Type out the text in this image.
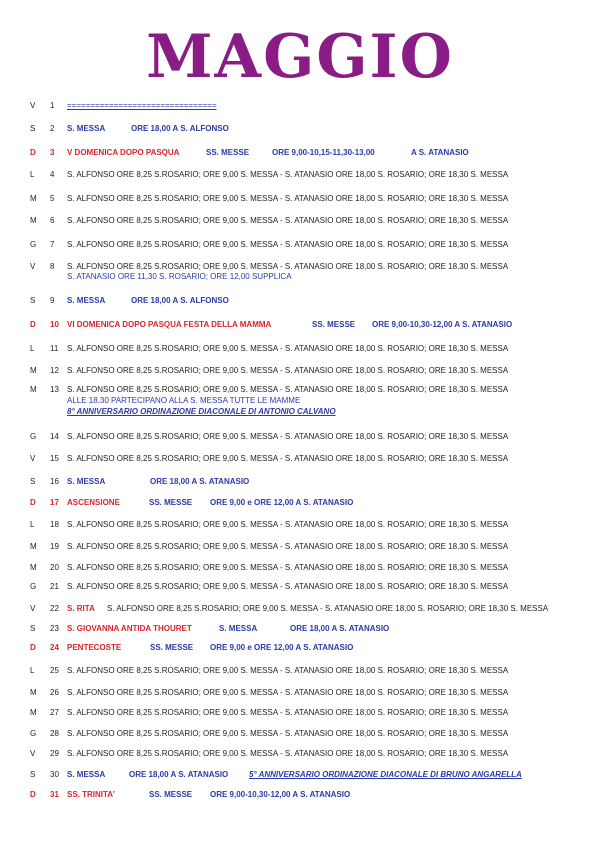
MAGGIO
V 1 ================================
S 2 S. MESSA	ORE 18,00 A S. ALFONSO
D 3 V DOMENICA DOPO PASQUA	SS. MESSE	ORE 9,00-10,15-11,30-13,00	A S. ATANASIO
L 4 S. ALFONSO ORE 8,25 S.ROSARIO; ORE 9,00 S. MESSA - S. ATANASIO ORE 18,00 S. ROSARIO; ORE 18,30 S. MESSA
M 5 S. ALFONSO ORE 8,25 S.ROSARIO; ORE 9,00 S. MESSA - S. ATANASIO ORE 18,00 S. ROSARIO; ORE 18,30 S. MESSA
M 6 S. ALFONSO ORE 8,25 S.ROSARIO; ORE 9,00 S. MESSA - S. ATANASIO ORE 18,00 S. ROSARIO; ORE 18,30 S. MESSA
G 7 S. ALFONSO ORE 8,25 S.ROSARIO; ORE 9,00 S. MESSA - S. ATANASIO ORE 18,00 S. ROSARIO; ORE 18,30 S. MESSA
V 8 S. ALFONSO ORE 8,25 S.ROSARIO; ORE 9,00 S. MESSA - S. ATANASIO ORE 18,00 S. ROSARIO; ORE 18,30 S. MESSA
S. ATANASIO ORE 11,30 S. ROSARIO; ORE 12,00 SUPPLICA
S 9 S. MESSA	ORE 18,00 A S. ALFONSO
D 10 VI DOMENICA DOPO PASQUA FESTA DELLA MAMMA	SS. MESSE ORE 9,00-10,30-12,00 A S. ATANASIO
L 11 S. ALFONSO ORE 8,25 S.ROSARIO; ORE 9,00 S. MESSA - S. ATANASIO ORE 18,00 S. ROSARIO; ORE 18,30 S. MESSA
M 12 S. ALFONSO ORE 8,25 S.ROSARIO; ORE 9,00 S. MESSA - S. ATANASIO ORE 18,00 S. ROSARIO; ORE 18,30 S. MESSA
M 13 S. ALFONSO ORE 8,25 S.ROSARIO; ORE 9,00 S. MESSA - S. ATANASIO ORE 18,00 S. ROSARIO; ORE 18,30 S. MESSA
ALLE 18,30 PARTECIPANO ALLA S. MESSA TUTTE LE MAMME
8° ANNIVERSARIO ORDINAZIONE DIACONALE DI ANTONIO CALVANO
G 14 S. ALFONSO ORE 8,25 S.ROSARIO; ORE 9,00 S. MESSA - S. ATANASIO ORE 18,00 S. ROSARIO; ORE 18,30 S. MESSA
V 15 S. ALFONSO ORE 8,25 S.ROSARIO; ORE 9,00 S. MESSA - S. ATANASIO ORE 18,00 S. ROSARIO; ORE 18,30 S. MESSA
S 16 S. MESSA	ORE 18,00 A S. ATANASIO
D 17 ASCENSIONE	SS. MESSE ORE 9,00 e ORE 12,00 A S. ATANASIO
L 18 S. ALFONSO ORE 8,25 S.ROSARIO; ORE 9,00 S. MESSA - S. ATANASIO ORE 18,00 S. ROSARIO; ORE 18,30 S. MESSA
M 19 S. ALFONSO ORE 8,25 S.ROSARIO; ORE 9,00 S. MESSA - S. ATANASIO ORE 18,00 S. ROSARIO; ORE 18,30 S. MESSA
M 20 S. ALFONSO ORE 8,25 S.ROSARIO; ORE 9,00 S. MESSA - S. ATANASIO ORE 18,00 S. ROSARIO; ORE 18,30 S. MESSA
G 21 S. ALFONSO ORE 8,25 S.ROSARIO; ORE 9,00 S. MESSA - S. ATANASIO ORE 18,00 S. ROSARIO; ORE 18,30 S. MESSA
V 22 S. RITA S. ALFONSO ORE 8,25 S.ROSARIO; ORE 9,00 S. MESSA - S. ATANASIO ORE 18,00 S. ROSARIO; ORE 18,30 S. MESSA
S 23 S. GIOVANNA ANTIDA THOURET	S. MESSA	ORE 18,00 A S. ATANASIO
D 24 PENTECOSTE	SS. MESSE ORE 9,00 e ORE 12,00 A S. ATANASIO
L 25 S. ALFONSO ORE 8,25 S.ROSARIO; ORE 9,00 S. MESSA - S. ATANASIO ORE 18,00 S. ROSARIO; ORE 18,30 S. MESSA
M 26 S. ALFONSO ORE 8,25 S.ROSARIO; ORE 9,00 S. MESSA - S. ATANASIO ORE 18,00 S. ROSARIO; ORE 18,30 S. MESSA
M 27 S. ALFONSO ORE 8,25 S.ROSARIO; ORE 9,00 S. MESSA - S. ATANASIO ORE 18,00 S. ROSARIO; ORE 18,30 S. MESSA
G 28 S. ALFONSO ORE 8,25 S.ROSARIO; ORE 9,00 S. MESSA - S. ATANASIO ORE 18,00 S. ROSARIO; ORE 18,30 S. MESSA
V 29 S. ALFONSO ORE 8,25 S.ROSARIO; ORE 9,00 S. MESSA - S. ATANASIO ORE 18,00 S. ROSARIO; ORE 18,30 S. MESSA
S 30 S. MESSA	ORE 18,00 A S. ATANASIO	5° ANNIVERSARIO ORDINAZIONE DIACONALE DI BRUNO ANGARELLA
D 31 SS. TRINITA’	SS. MESSE ORE 9,00-10,30-12,00 A S. ATANASIO
